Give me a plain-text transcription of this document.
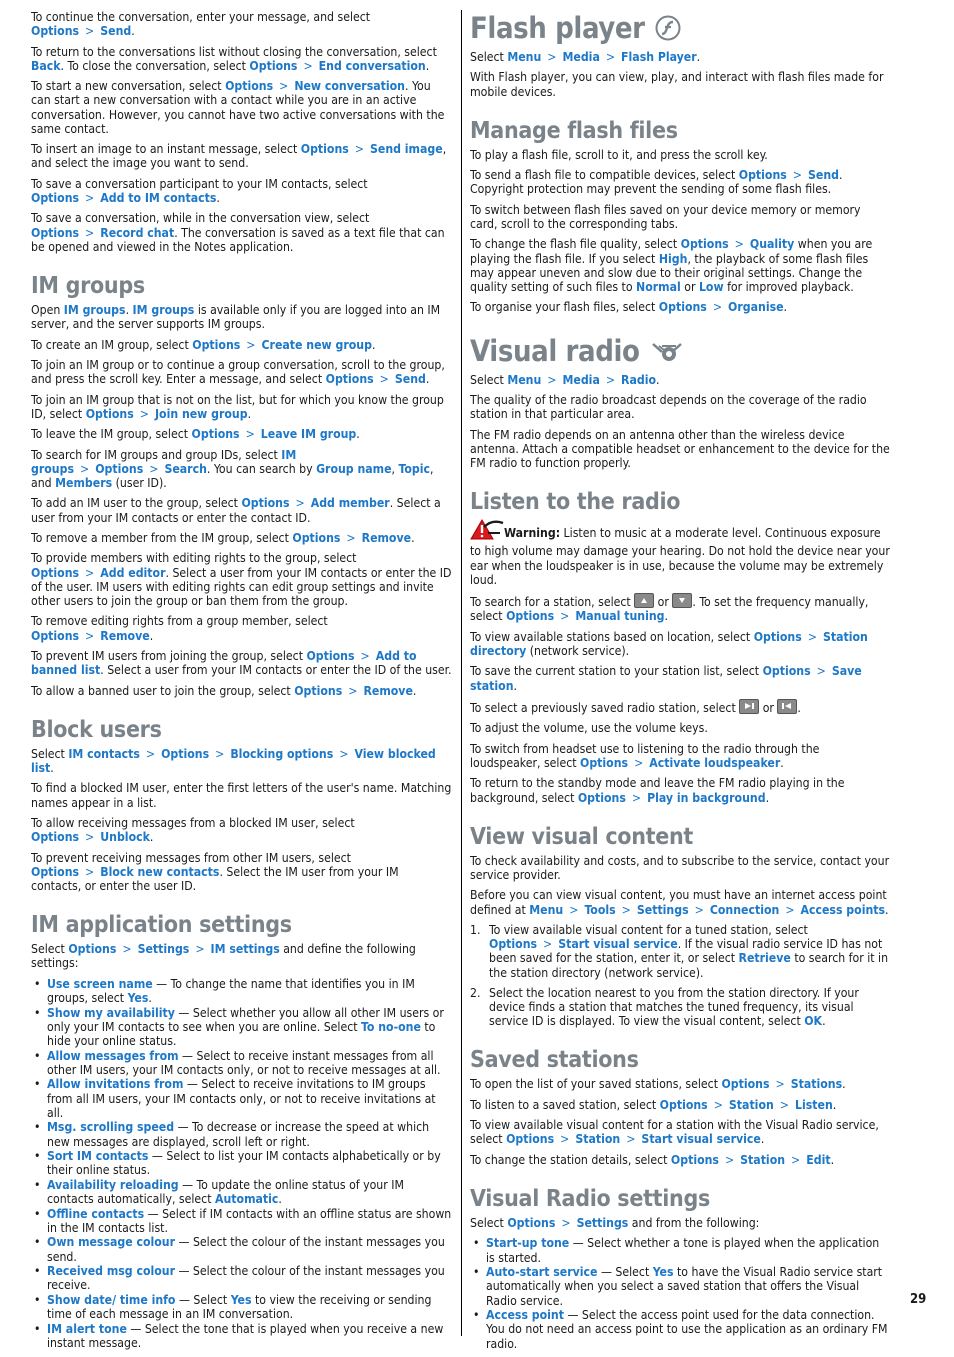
To continue the conversation, enter your message, and select Options > Send.

To return to the conversations list without closing the conversation, select Back. To close the conversation, select Options > End conversation.

To start a new conversation, select Options > New conversation. You can start a new conversation with a contact while you are in an active conversation. However, you cannot have two active conversations with the same contact.

To insert an image to an instant message, select Options > Send image, and select the image you want to send.

To save a conversation participant to your IM contacts, select Options > Add to IM contacts.

To save a conversation, while in the conversation view, select Options > Record chat. The conversation is saved as a text file that can be opened and viewed in the Notes application.

IM groups

Open IM groups. IM groups is available only if you are logged into an IM server, and the server supports IM groups.

To create an IM group, select Options > Create new group.

To join an IM group or to continue a group conversation, scroll to the group, and press the scroll key. Enter a message, and select Options > Send.

To join an IM group that is not on the list, but for which you know the group ID, select Options > Join new group.

To leave the IM group, select Options > Leave IM group.

To search for IM groups and group IDs, select IM groups > Options > Search. You can search by Group name, Topic, and Members (user ID).

To add an IM user to the group, select Options > Add member. Select a user from your IM contacts or enter the contact ID.

To remove a member from the IM group, select Options > Remove.

To provide members with editing rights to the group, select Options > Add editor. Select a user from your IM contacts or enter the ID of the user. IM users with editing rights can edit group settings and invite other users to join the group or ban them from the group.

To remove editing rights from a group member, select Options > Remove.

To prevent IM users from joining the group, select Options > Add to banned list. Select a user from your IM contacts or enter the ID of the user.

To allow a banned user to join the group, select Options > Remove.

Block users

Select IM contacts > Options > Blocking options > View blocked list.

To find a blocked IM user, enter the first letters of the user's name. Matching names appear in a list.

To allow receiving messages from a blocked IM user, select Options > Unblock.

To prevent receiving messages from other IM users, select Options > Block new contacts. Select the IM user from your IM contacts, or enter the user ID.

IM application settings

Select Options > Settings > IM settings and define the following settings:

• Use screen name — To change the name that identifies you in IM groups, select Yes.
• Show my availability — Select whether you allow all other IM users or only your IM contacts to see when you are online. Select To no-one to hide your online status.
• Allow messages from — Select to receive instant messages from all other IM users, your IM contacts only, or not to receive messages at all.
• Allow invitations from — Select to receive invitations to IM groups from all IM users, your IM contacts only, or not to receive invitations at all.
• Msg. scrolling speed — To decrease or increase the speed at which new messages are displayed, scroll left or right.
• Sort IM contacts — Select to list your IM contacts alphabetically or by their online status.
• Availability reloading — To update the online status of your IM contacts automatically, select Automatic.
• Offline contacts — Select if IM contacts with an offline status are shown in the IM contacts list.
• Own message colour — Select the colour of the instant messages you send.
• Received msg colour — Select the colour of the instant messages you receive.
• Show date/ time info — Select Yes to view the receiving or sending time of each message in an IM conversation.
• IM alert tone — Select the tone that is played when you receive a new instant message.
Flash player

Select Menu > Media > Flash Player.

With Flash player, you can view, play, and interact with flash files made for mobile devices.

Manage flash files

To play a flash file, scroll to it, and press the scroll key.

To send a flash file to compatible devices, select Options > Send. Copyright protection may prevent the sending of some flash files.

To switch between flash files saved on your device memory or memory card, scroll to the corresponding tabs.

To change the flash file quality, select Options > Quality when you are playing the flash file. If you select High, the playback of some flash files may appear uneven and slow due to their original settings. Change the quality setting of such files to Normal or Low for improved playback.

To organise your flash files, select Options > Organise.

Visual radio

Select Menu > Media > Radio.

The quality of the radio broadcast depends on the coverage of the radio station in that particular area.

The FM radio depends on an antenna other than the wireless device antenna. Attach a compatible headset or enhancement to the device for the FM radio to function properly.

Listen to the radio

Warning: Listen to music at a moderate level. Continuous exposure to high volume may damage your hearing. Do not hold the device near your ear when the loudspeaker is in use, because the volume may be extremely loud.

To search for a station, select
or
. To set the frequency manually, select Options > Manual tuning.

To view available stations based on location, select Options > Station directory (network service).

To save the current station to your station list, select Options > Save station.

To select a previously saved radio station, select
or
.

To adjust the volume, use the volume keys.

To switch from headset use to listening to the radio through the loudspeaker, select Options > Activate loudspeaker.

To return to the standby mode and leave the FM radio playing in the background, select Options > Play in background.

View visual content

To check availability and costs, and to subscribe to the service, contact your service provider.

Before you can view visual content, you must have an internet access point defined at Menu > Tools > Settings > Connection > Access points.

1. To view available visual content for a tuned station, select Options > Start visual service. If the visual radio service ID has not been saved for the station, enter it, or select Retrieve to search for it in the station directory (network service).
2. Select the location nearest to you from the station directory. If your device finds a station that matches the tuned frequency, its visual service ID is displayed. To view the visual content, select OK.
Saved stations

To open the list of your saved stations, select Options > Stations.

To listen to a saved station, select Options > Station > Listen.

To view available visual content for a station with the Visual Radio service, select Options > Station > Start visual service.

To change the station details, select Options > Station > Edit.

Visual Radio settings

Select Options > Settings and from the following:

• Start-up tone — Select whether a tone is played when the application is started.
• Auto-start service — Select Yes to have the Visual Radio service start automatically when you select a saved station that offers the Visual Radio service.
• Access point — Select the access point used for the data connection. You do not need an access point to use the application as an ordinary FM radio.
29
